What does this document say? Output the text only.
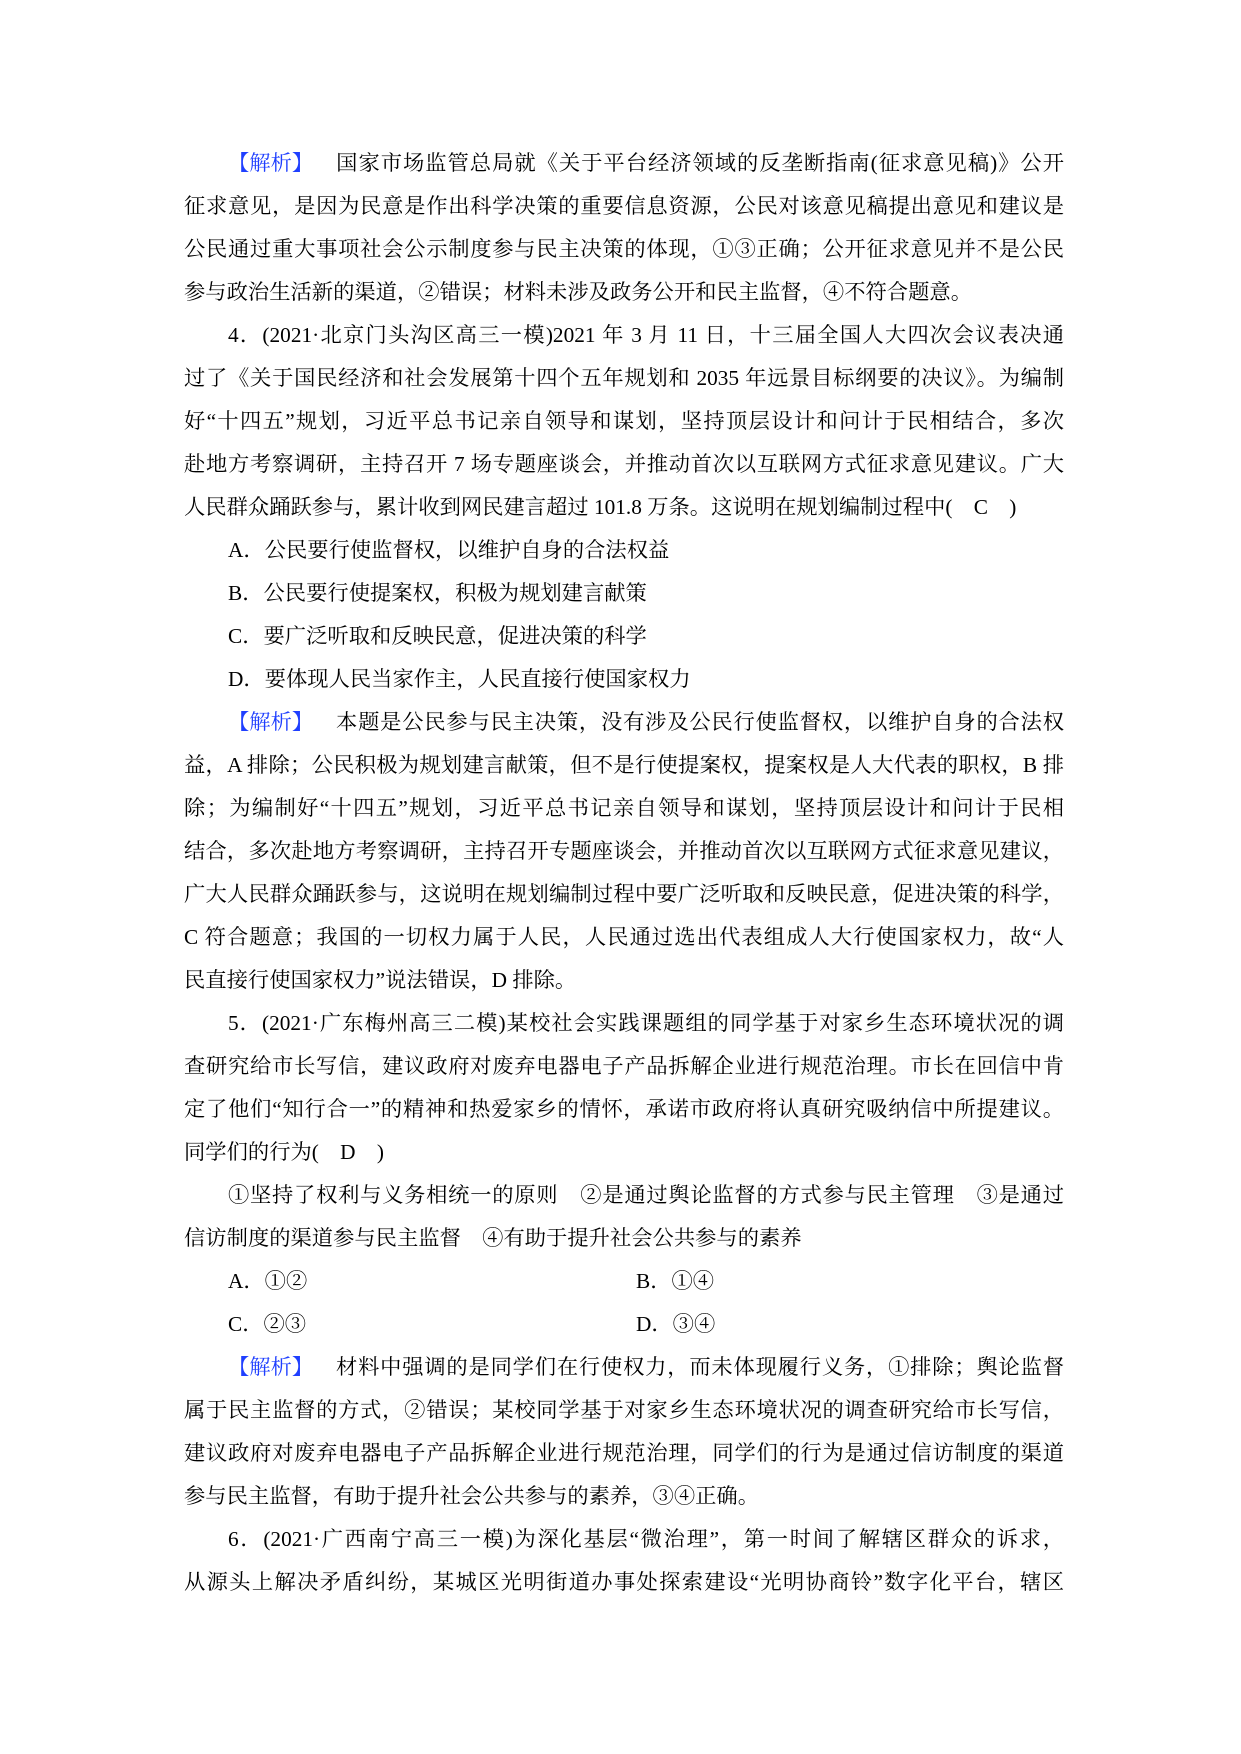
【解析】 国家市场监管总局就《关于平台经济领域的反垄断指南(征求意见稿)》公开
征求意见，是因为民意是作出科学决策的重要信息资源，公民对该意见稿提出意见和建议是
公民通过重大事项社会公示制度参与民主决策的体现，①③正确；公开征求意见并不是公民
参与政治生活新的渠道，②错误；材料未涉及政务公开和民主监督，④不符合题意。
4．(2021·北京门头沟区高三一模)2021 年 3 月 11 日，十三届全国人大四次会议表决通
过了《关于国民经济和社会发展第十四个五年规划和 2035 年远景目标纲要的决议》。为编制
好“十四五”规划，习近平总书记亲自领导和谋划，坚持顶层设计和问计于民相结合，多次
赴地方考察调研，主持召开 7 场专题座谈会，并推动首次以互联网方式征求意见建议。广大
人民群众踊跃参与，累计收到网民建言超过 101.8 万条。这说明在规划编制过程中(　C　)
A．公民要行使监督权，以维护自身的合法权益
B．公民要行使提案权，积极为规划建言献策
C．要广泛听取和反映民意，促进决策的科学
D．要体现人民当家作主，人民直接行使国家权力
【解析】 本题是公民参与民主决策，没有涉及公民行使监督权，以维护自身的合法权
益，A 排除；公民积极为规划建言献策，但不是行使提案权，提案权是人大代表的职权，B 排
除；为编制好“十四五”规划，习近平总书记亲自领导和谋划，坚持顶层设计和问计于民相
结合，多次赴地方考察调研，主持召开专题座谈会，并推动首次以互联网方式征求意见建议，
广大人民群众踊跃参与，这说明在规划编制过程中要广泛听取和反映民意，促进决策的科学，
C 符合题意；我国的一切权力属于人民，人民通过选出代表组成人大行使国家权力，故“人
民直接行使国家权力”说法错误，D 排除。
5．(2021·广东梅州高三二模)某校社会实践课题组的同学基于对家乡生态环境状况的调
查研究给市长写信，建议政府对废弃电器电子产品拆解企业进行规范治理。市长在回信中肯
定了他们“知行合一”的精神和热爱家乡的情怀，承诺市政府将认真研究吸纳信中所提建议。
同学们的行为(　D　)
①坚持了权利与义务相统一的原则　②是通过舆论监督的方式参与民主管理　③是通过
信访制度的渠道参与民主监督　④有助于提升社会公共参与的素养
A．①②	B．①④
C．②③	D．③④
【解析】 材料中强调的是同学们在行使权力，而未体现履行义务，①排除；舆论监督
属于民主监督的方式，②错误；某校同学基于对家乡生态环境状况的调查研究给市长写信，
建议政府对废弃电器电子产品拆解企业进行规范治理，同学们的行为是通过信访制度的渠道
参与民主监督，有助于提升社会公共参与的素养，③④正确。
6．(2021·广西南宁高三一模)为深化基层“微治理”，第一时间了解辖区群众的诉求，
从源头上解决矛盾纠纷，某城区光明街道办事处探索建设“光明协商铃”数字化平台，辖区
